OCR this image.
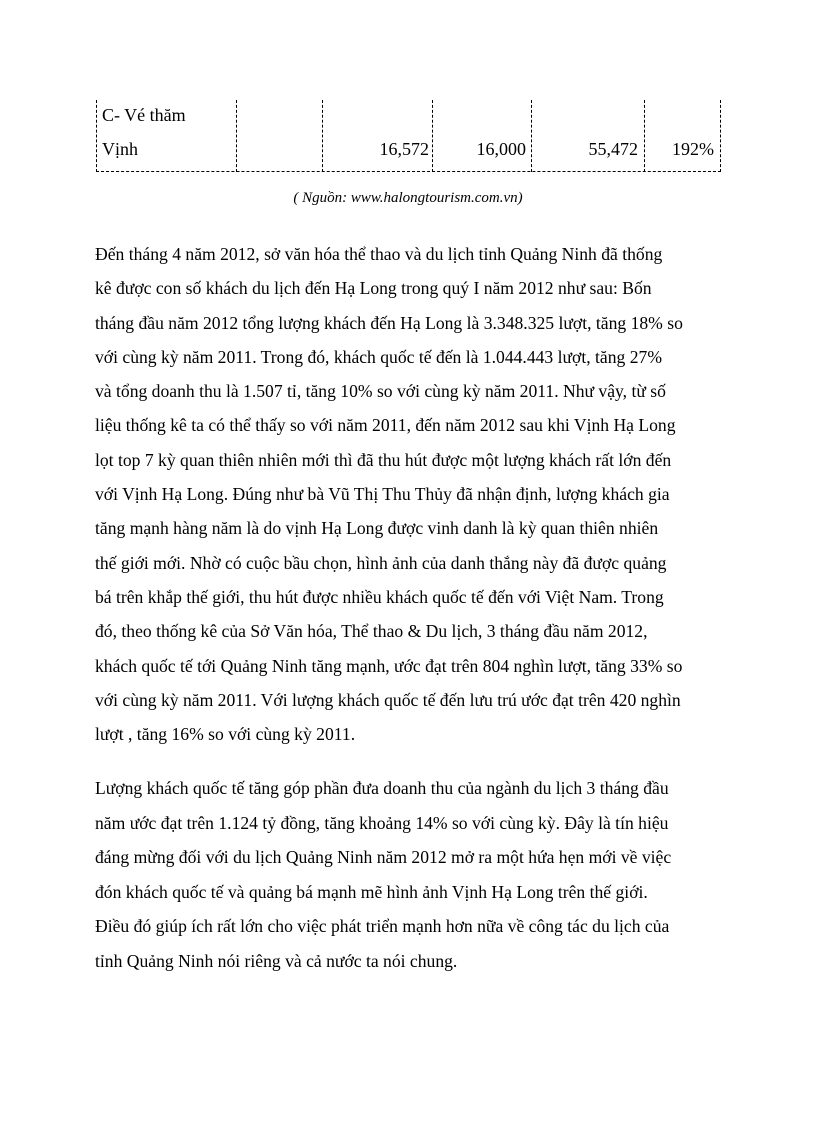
C- Vé thăm
Vịnh	16,572	16,000	55,472 192%
( Nguồn: www.halongtourism.com.vn)
Đến tháng 4 năm 2012, sở văn hóa thể thao và du lịch tỉnh Quảng Ninh đã thống
kê được con số khách du lịch đến Hạ Long trong quý I năm 2012 như sau: Bốn
tháng đầu năm 2012 tổng lượng khách đến Hạ Long là 3.348.325 lượt, tăng 18% so
với cùng kỳ năm 2011. Trong đó, khách quốc tế đến là 1.044.443 lượt, tăng 27%
và tổng doanh thu là 1.507 tỉ, tăng 10% so với cùng kỳ năm 2011. Như vậy, từ số
liệu thống kê ta có thể thấy so với năm 2011, đến năm 2012 sau khi Vịnh Hạ Long
lọt top 7 kỳ quan thiên nhiên mới thì đã thu hút được một lượng khách rất lớn đến
với Vịnh Hạ Long. Đúng như bà Vũ Thị Thu Thủy đã nhận định, lượng khách gia
tăng mạnh hàng năm là do vịnh Hạ Long được vinh danh là kỳ quan thiên nhiên
thế giới mới. Nhờ có cuộc bầu chọn, hình ảnh của danh thắng này đã được quảng
bá trên khắp thế giới, thu hút được nhiều khách quốc tế đến với Việt Nam. Trong
đó, theo thống kê của Sở Văn hóa, Thể thao & Du lịch, 3 tháng đầu năm 2012,
khách quốc tế tới Quảng Ninh tăng mạnh, ước đạt trên 804 nghìn lượt, tăng 33% so
với cùng kỳ năm 2011. Với lượng khách quốc tế đến lưu trú ước đạt trên 420 nghìn
lượt , tăng 16% so với cùng kỳ 2011.
Lượng khách quốc tế tăng góp phần đưa doanh thu của ngành du lịch 3 tháng đầu
năm ước đạt trên 1.124 tỷ đồng, tăng khoảng 14% so với cùng kỳ. Đây là tín hiệu
đáng mừng đối với du lịch Quảng Ninh năm 2012 mở ra một hứa hẹn mới về việc
đón khách quốc tế và quảng bá mạnh mẽ hình ảnh Vịnh Hạ Long trên thế giới.
Điều đó giúp ích rất lớn cho việc phát triển mạnh hơn nữa về công tác du lịch của
tỉnh Quảng Ninh nói riêng và cả nước ta nói chung.
